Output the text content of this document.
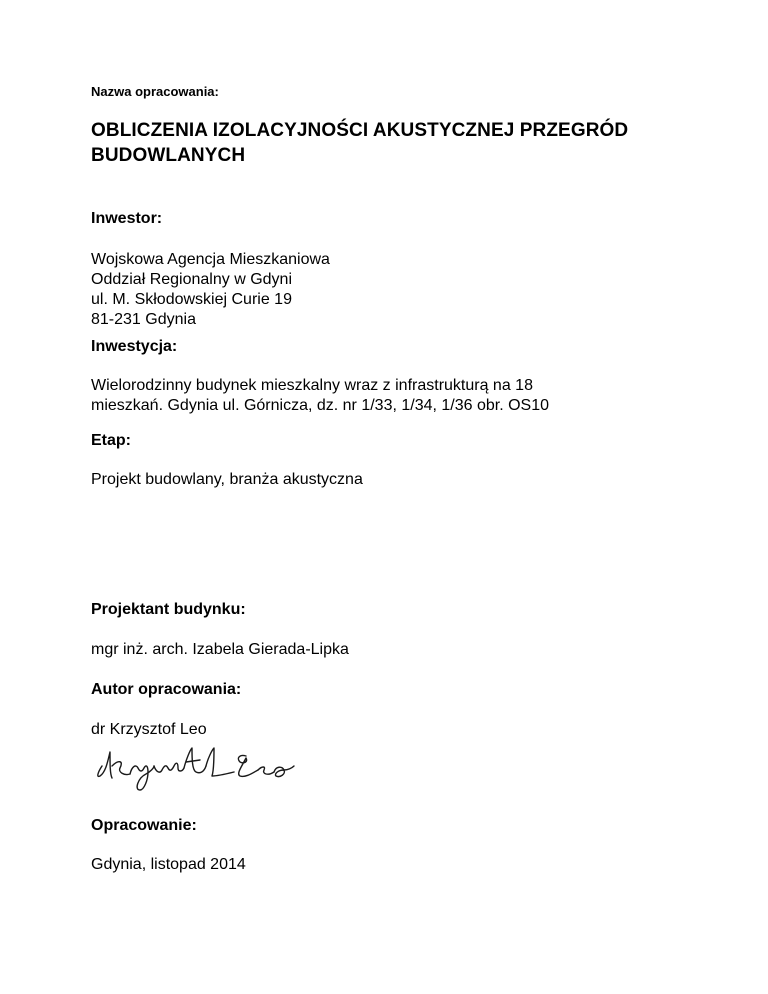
Nazwa opracowania:

OBLICZENIA IZOLACYJNOŚCI AKUSTYCZNEJ PRZEGRÓD
BUDOWLANYCH

Inwestor:

Wojskowa Agencja Mieszkaniowa
Oddział Regionalny w Gdyni
ul. M. Skłodowskiej Curie 19
81-231 Gdynia

Inwestycja:

Wielorodzinny budynek mieszkalny wraz z infrastrukturą na 18
mieszkań. Gdynia ul. Górnicza, dz. nr 1/33, 1/34, 1/36 obr. OS10

Etap:

Projekt budowlany, branża akustyczna

Projektant budynku:

mgr inż. arch. Izabela Gierada-Lipka

Autor opracowania:

dr Krzysztof Leo

Opracowanie:

Gdynia, listopad 2014
